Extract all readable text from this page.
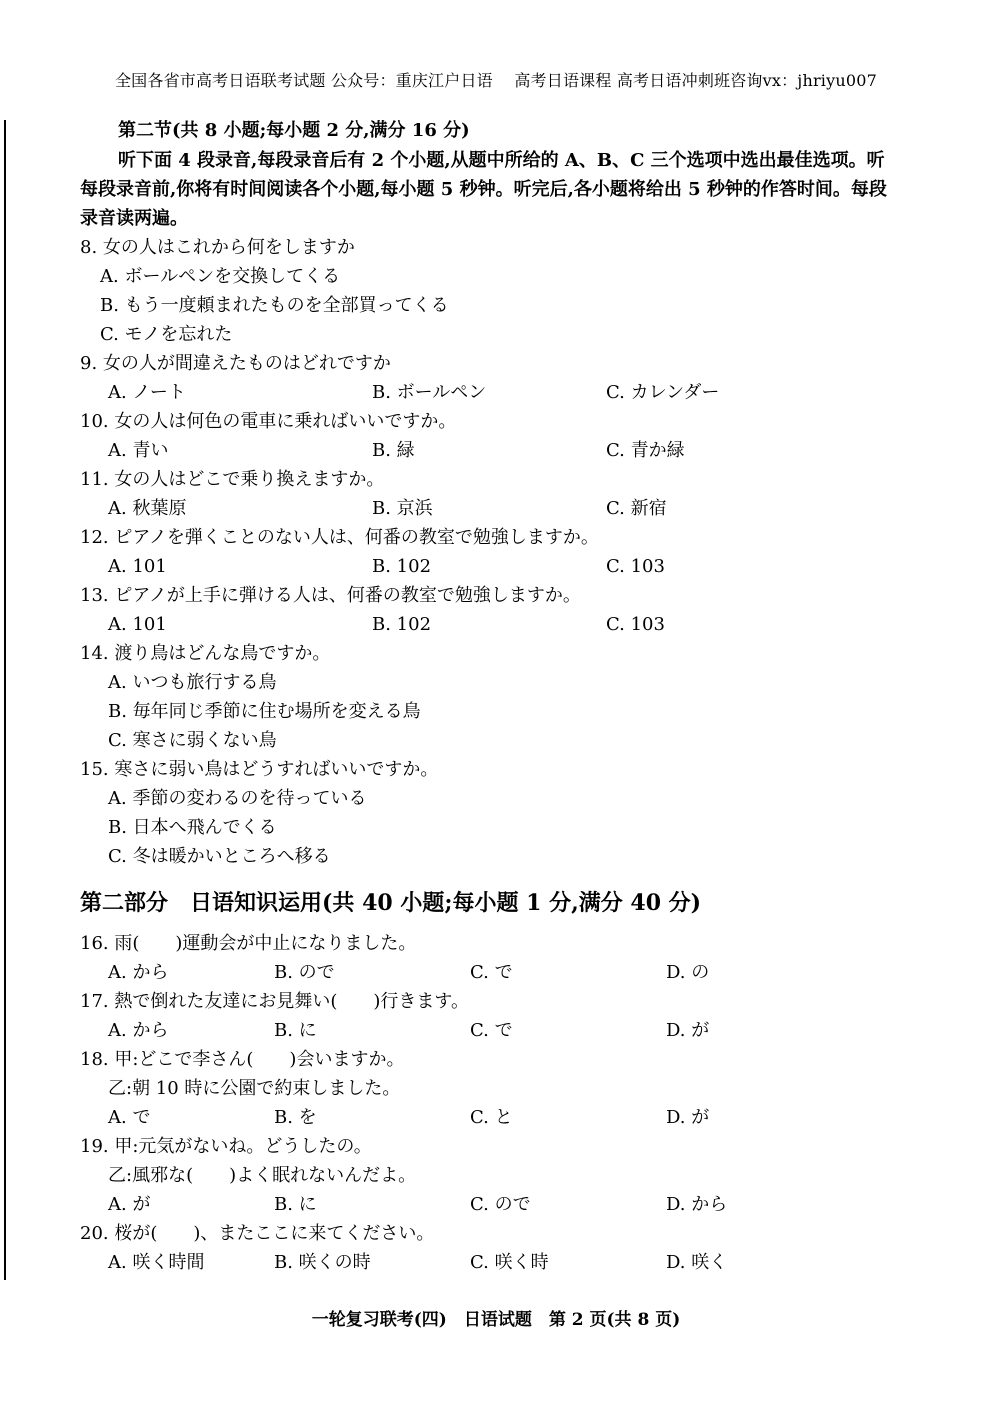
全国各省市高考日语联考试题 公众号：重庆江户日语　 高考日语课程 高考日语冲刺班咨询vx：jhriyu007
第二节(共 8 小题;每小题 2 分,满分 16 分)

听下面 4 段录音,每段录音后有 2 个小题,从题中所给的 A、B、C 三个选项中选出最佳选项。听每段录音前,你将有时间阅读各个小题,每小题 5 秒钟。听完后,各小题将给出 5 秒钟的作答时间。每段录音读两遍。

8. 女の人はこれから何をしますか
A. ボールペンを交換してくる
B. もう一度頼まれたものを全部買ってくる
C. モノを忘れた
9. 女の人が間違えたものはどれですか
A. ノート	B. ボールペン	C. カレンダー
10. 女の人は何色の電車に乗ればいいですか。
A. 青い	B. 緑	C. 青か緑
11. 女の人はどこで乗り換えますか。
A. 秋葉原	B. 京浜	C. 新宿
12. ピアノを弾くことのない人は、何番の教室で勉強しますか。
A. 101	B. 102	C. 103
13. ピアノが上手に弾ける人は、何番の教室で勉強しますか。
A. 101	B. 102	C. 103
14. 渡り鳥はどんな鳥ですか。
A. いつも旅行する鳥
B. 毎年同じ季節に住む場所を変える鳥
C. 寒さに弱くない鳥
15. 寒さに弱い鳥はどうすればいいですか。
A. 季節の変わるのを待っている
B. 日本へ飛んでくる
C. 冬は暖かいところへ移る
第二部分　日语知识运用(共 40 小题;每小题 1 分,满分 40 分)
16. 雨(　　)運動会が中止になりました。
A. から	B. ので	C. で	D. の
17. 熱で倒れた友達にお見舞い(　　)行きます。
A. から	B. に	C. で	D. が
18. 甲:どこで李さん(　　)会いますか。
乙:朝 10 時に公園で約束しました。
A. で	B. を	C. と	D. が
19. 甲:元気がないね。どうしたの。
乙:風邪な(　　)よく眠れないんだよ。
A. が	B. に	C. ので	D. から
20. 桜が(　　)、またここに来てください。
A. 咲く時間	B. 咲くの時	C. 咲く時	D. 咲く
一轮复习联考(四)　日语试题　第 2 页(共 8 页)
